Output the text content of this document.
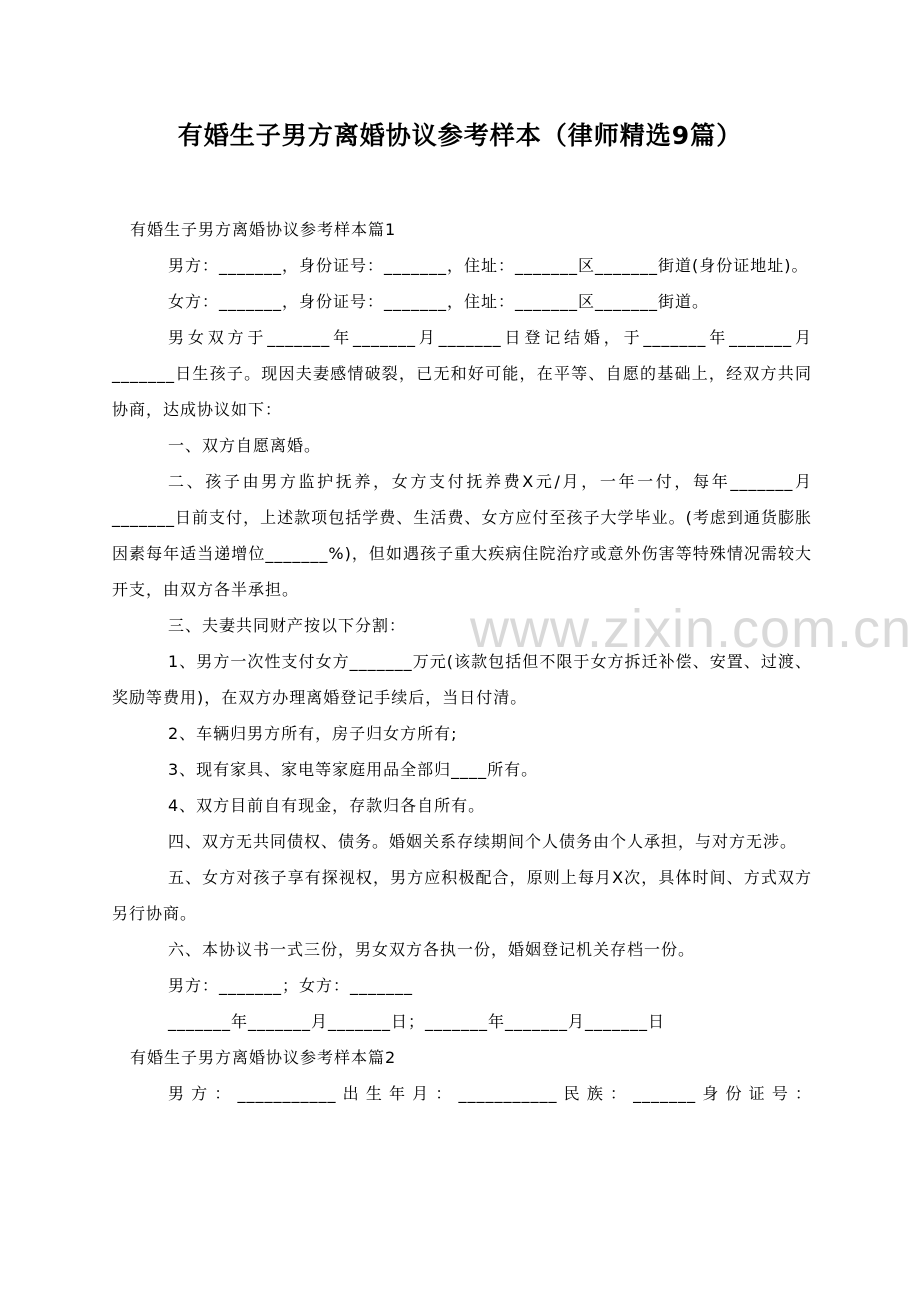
有婚生子男方离婚协议参考样本（律师精选9篇）
www.zixin.com.cn

有婚生子男方离婚协议参考样本篇1

男方：_______，身份证号：_______，住址：_______区_______街道(身份证地址)。

女方：_______，身份证号：_______，住址：_______区_______街道。

男女双方于_______年_______月_______日登记结婚，于_______年_______月_______日生孩子。现因夫妻感情破裂，已无和好可能，在平等、自愿的基础上，经双方共同协商，达成协议如下：

一、双方自愿离婚。

二、孩子由男方监护抚养，女方支付抚养费X元/月，一年一付，每年_______月_______日前支付，上述款项包括学费、生活费、女方应付至孩子大学毕业。(考虑到通货膨胀因素每年适当递增位_______%)，但如遇孩子重大疾病住院治疗或意外伤害等特殊情况需较大开支，由双方各半承担。

三、夫妻共同财产按以下分割：

1、男方一次性支付女方_______万元(该款包括但不限于女方拆迁补偿、安置、过渡、奖励等费用)，在双方办理离婚登记手续后，当日付清。

2、车辆归男方所有，房子归女方所有;

3、现有家具、家电等家庭用品全部归____所有。

4、双方目前自有现金，存款归各自所有。

四、双方无共同债权、债务。婚姻关系存续期间个人债务由个人承担，与对方无涉。

五、女方对孩子享有探视权，男方应积极配合，原则上每月X次，具体时间、方式双方另行协商。

六、本协议书一式三份，男女双方各执一份，婚姻登记机关存档一份。

男方：_______；女方：_______

_______年_______月_______日；_______年_______月_______日

有婚生子男方离婚协议参考样本篇2

男方：___________出生年月：___________民族：_______身份证号：
